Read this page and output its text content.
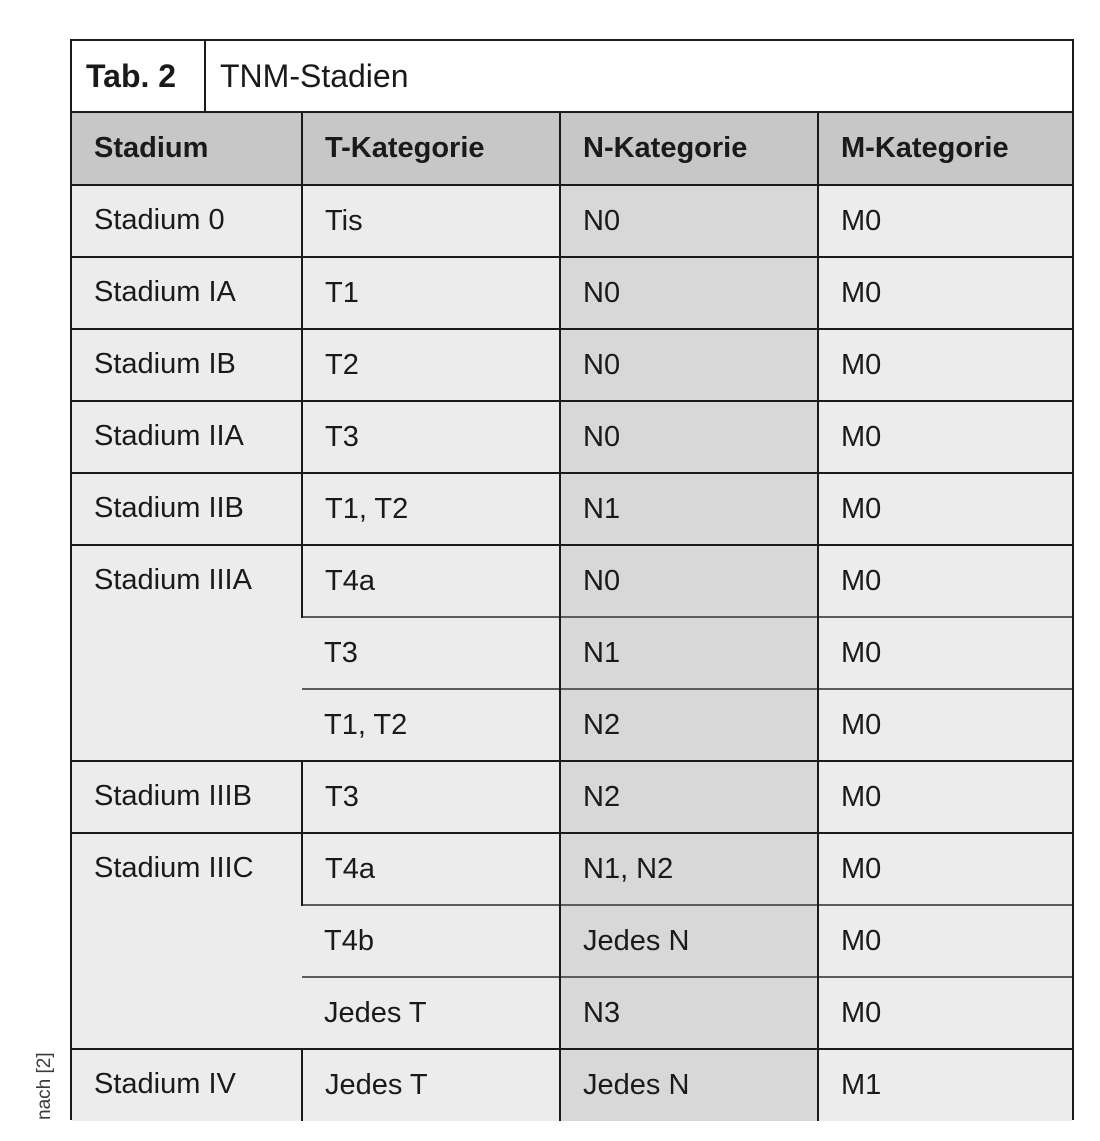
Tab. 2	TNM-Stadien
Stadium	T-Kategorie	N-Kategorie	M-Kategorie
Stadium 0	Tis	N0	M0
Stadium IA	T1	N0	M0
Stadium IB	T2	N0	M0
Stadium IIA	T3	N0	M0
Stadium IIB	T1, T2	N1	M0
Stadium IIIA	T4a	N0	M0
	T3	N1	M0
	T1, T2	N2	M0
Stadium IIIB	T3	N2	M0
Stadium IIIC	T4a	N1, N2	M0
	T4b	Jedes N	M0
	Jedes T	N3	M0
Stadium IV	Jedes T	Jedes N	M1
nach [2]
